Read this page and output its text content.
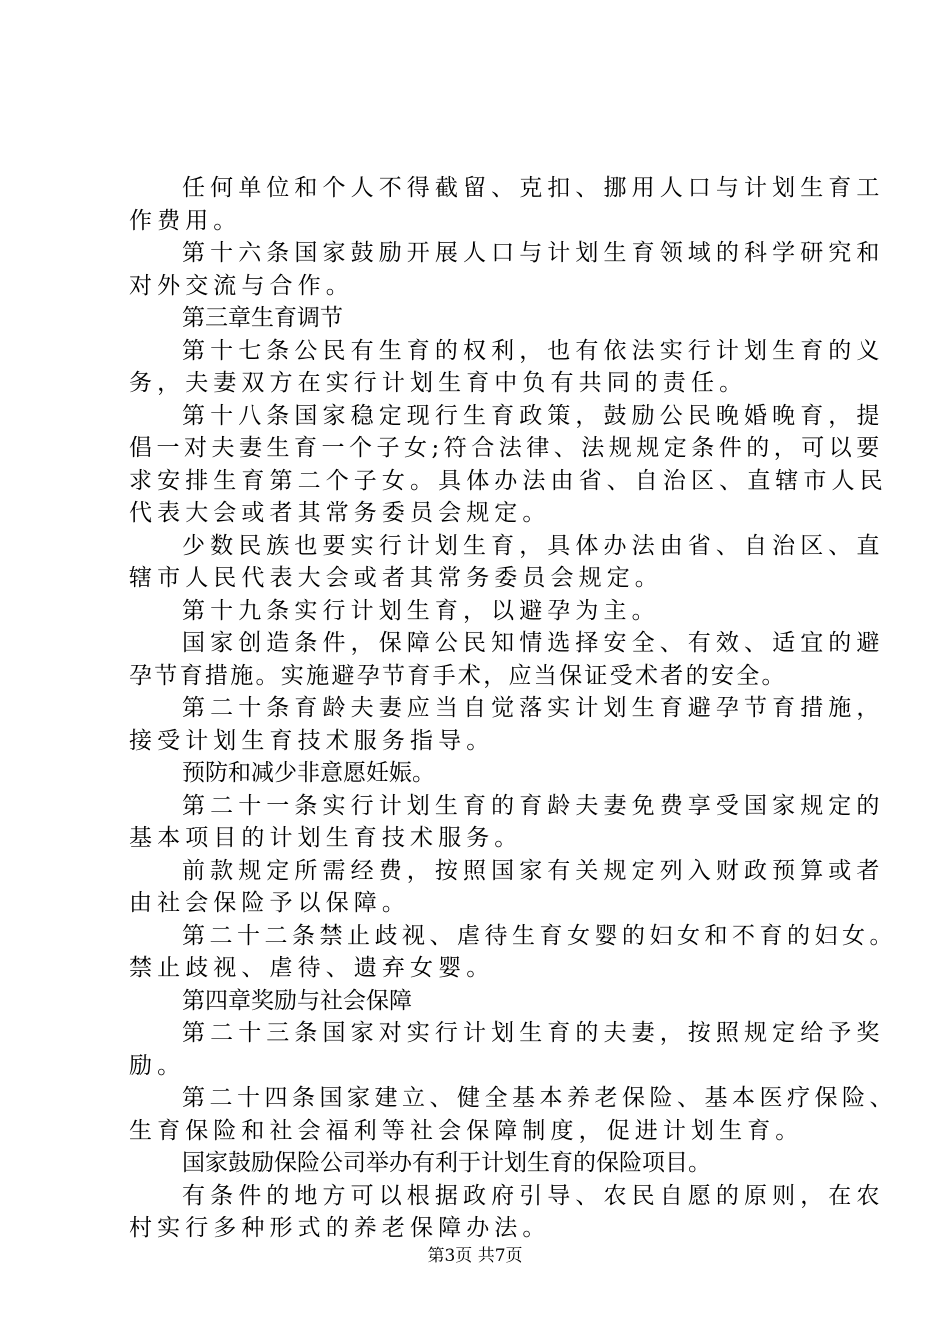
任何单位和个人不得截留、克扣、挪用人口与计划生育工
作费用。
第十六条国家鼓励开展人口与计划生育领域的科学研究和
对外交流与合作。
第三章生育调节
第十七条公民有生育的权利，也有依法实行计划生育的义
务，夫妻双方在实行计划生育中负有共同的责任。
第十八条国家稳定现行生育政策，鼓励公民晚婚晚育，提
倡一对夫妻生育一个子女;符合法律、法规规定条件的，可以要
求安排生育第二个子女。具体办法由省、自治区、直辖市人民
代表大会或者其常务委员会规定。
少数民族也要实行计划生育，具体办法由省、自治区、直
辖市人民代表大会或者其常务委员会规定。
第十九条实行计划生育，以避孕为主。
国家创造条件，保障公民知情选择安全、有效、适宜的避
孕节育措施。实施避孕节育手术，应当保证受术者的安全。
第二十条育龄夫妻应当自觉落实计划生育避孕节育措施，
接受计划生育技术服务指导。
预防和减少非意愿妊娠。
第二十一条实行计划生育的育龄夫妻免费享受国家规定的
基本项目的计划生育技术服务。
前款规定所需经费，按照国家有关规定列入财政预算或者
由社会保险予以保障。
第二十二条禁止歧视、虐待生育女婴的妇女和不育的妇女。
禁止歧视、虐待、遗弃女婴。
第四章奖励与社会保障
第二十三条国家对实行计划生育的夫妻，按照规定给予奖
励。
第二十四条国家建立、健全基本养老保险、基本医疗保险、
生育保险和社会福利等社会保障制度，促进计划生育。
国家鼓励保险公司举办有利于计划生育的保险项目。
有条件的地方可以根据政府引导、农民自愿的原则，在农
村实行多种形式的养老保障办法。
第3页 共7页
